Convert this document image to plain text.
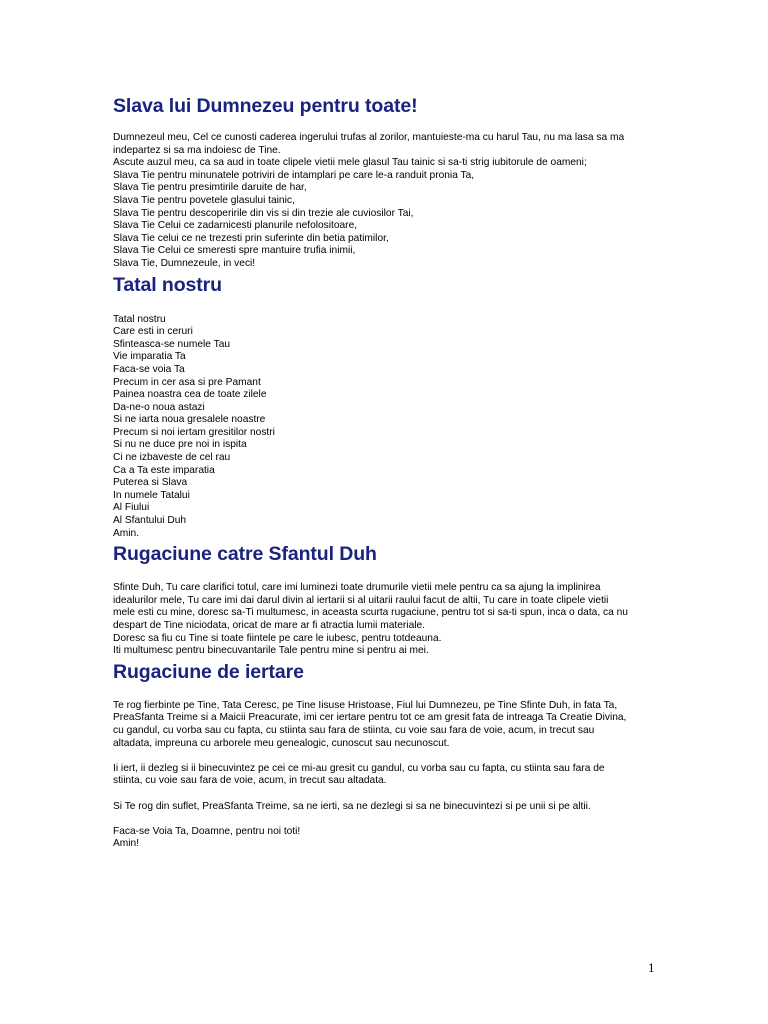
Slava lui Dumnezeu pentru toate!
Dumnezeul meu, Cel ce cunosti caderea ingerului trufas al zorilor, mantuieste-ma cu harul Tau, nu ma lasa sa ma
indepartez si sa ma indoiesc de Tine.
Ascute auzul meu, ca sa aud in toate clipele vietii mele glasul Tau tainic si sa-ti strig iubitorule de oameni;
Slava Tie pentru minunatele potriviri de intamplari pe care le-a randuit pronia Ta,
Slava Tie pentru presimtirile daruite de har,
Slava Tie pentru povetele glasului tainic,
Slava Tie pentru descoperirile din vis si din trezie ale cuviosilor Tai,
Slava Tie Celui ce zadarnicesti planurile nefolositoare,
Slava Tie celui ce ne trezesti prin suferinte din betia patimilor,
Slava Tie Celui ce smeresti spre mantuire trufia inimii,
Slava Tie, Dumnezeule, in veci!
Tatal nostru
Tatal nostru
Care esti in ceruri
Sfinteasca-se numele Tau
Vie imparatia Ta
Faca-se voia Ta
Precum in cer asa si pre Pamant
Painea noastra cea de toate zilele
Da-ne-o noua astazi
Si ne iarta noua gresalele noastre
Precum si noi iertam gresitilor nostri
Si nu ne duce pre noi in ispita
Ci ne izbaveste de cel rau
Ca a Ta este imparatia
Puterea si Slava
In numele Tatalui
Al Fiului
Al Sfantului Duh
Amin.
Rugaciune catre Sfantul Duh
Sfinte Duh, Tu care clarifici totul, care imi luminezi toate drumurile vietii mele pentru ca sa ajung la implinirea
idealurilor mele, Tu care imi dai darul divin al iertarii si al uitarii raului facut de altii, Tu care in toate clipele vietii
mele esti cu mine, doresc sa-Ti multumesc, in aceasta scurta rugaciune, pentru tot si sa-ti spun, inca o data, ca nu
despart de Tine niciodata, oricat de mare ar fi atractia lumii materiale.
Doresc sa fiu cu Tine si toate fiintele pe care le iubesc, pentru totdeauna.
Iti multumesc pentru binecuvantarile Tale pentru mine si pentru ai mei.
Rugaciune de iertare
Te rog fierbinte pe Tine, Tata Ceresc, pe Tine Iisuse Hristoase, Fiul lui Dumnezeu, pe Tine Sfinte Duh, in fata Ta,
PreaSfanta Treime si a Maicii Preacurate, imi cer iertare pentru tot ce am gresit fata de intreaga Ta Creatie Divina,
cu gandul, cu vorba sau cu fapta, cu stiinta sau fara de stiinta, cu voie sau fara de voie, acum, in trecut sau
altadata, impreuna cu arborele meu genealogic, cunoscut sau necunoscut.
Ii iert, ii dezleg si ii binecuvintez pe cei ce mi-au gresit cu gandul, cu vorba sau cu fapta, cu stiinta sau fara de
stiinta, cu voie sau fara de voie, acum, in trecut sau altadata.
Si Te rog din suflet, PreaSfanta Treime, sa ne ierti, sa ne dezlegi si sa ne binecuvintezi si pe unii si pe altii.
Faca-se Voia Ta, Doamne, pentru noi toti!
Amin!
1
